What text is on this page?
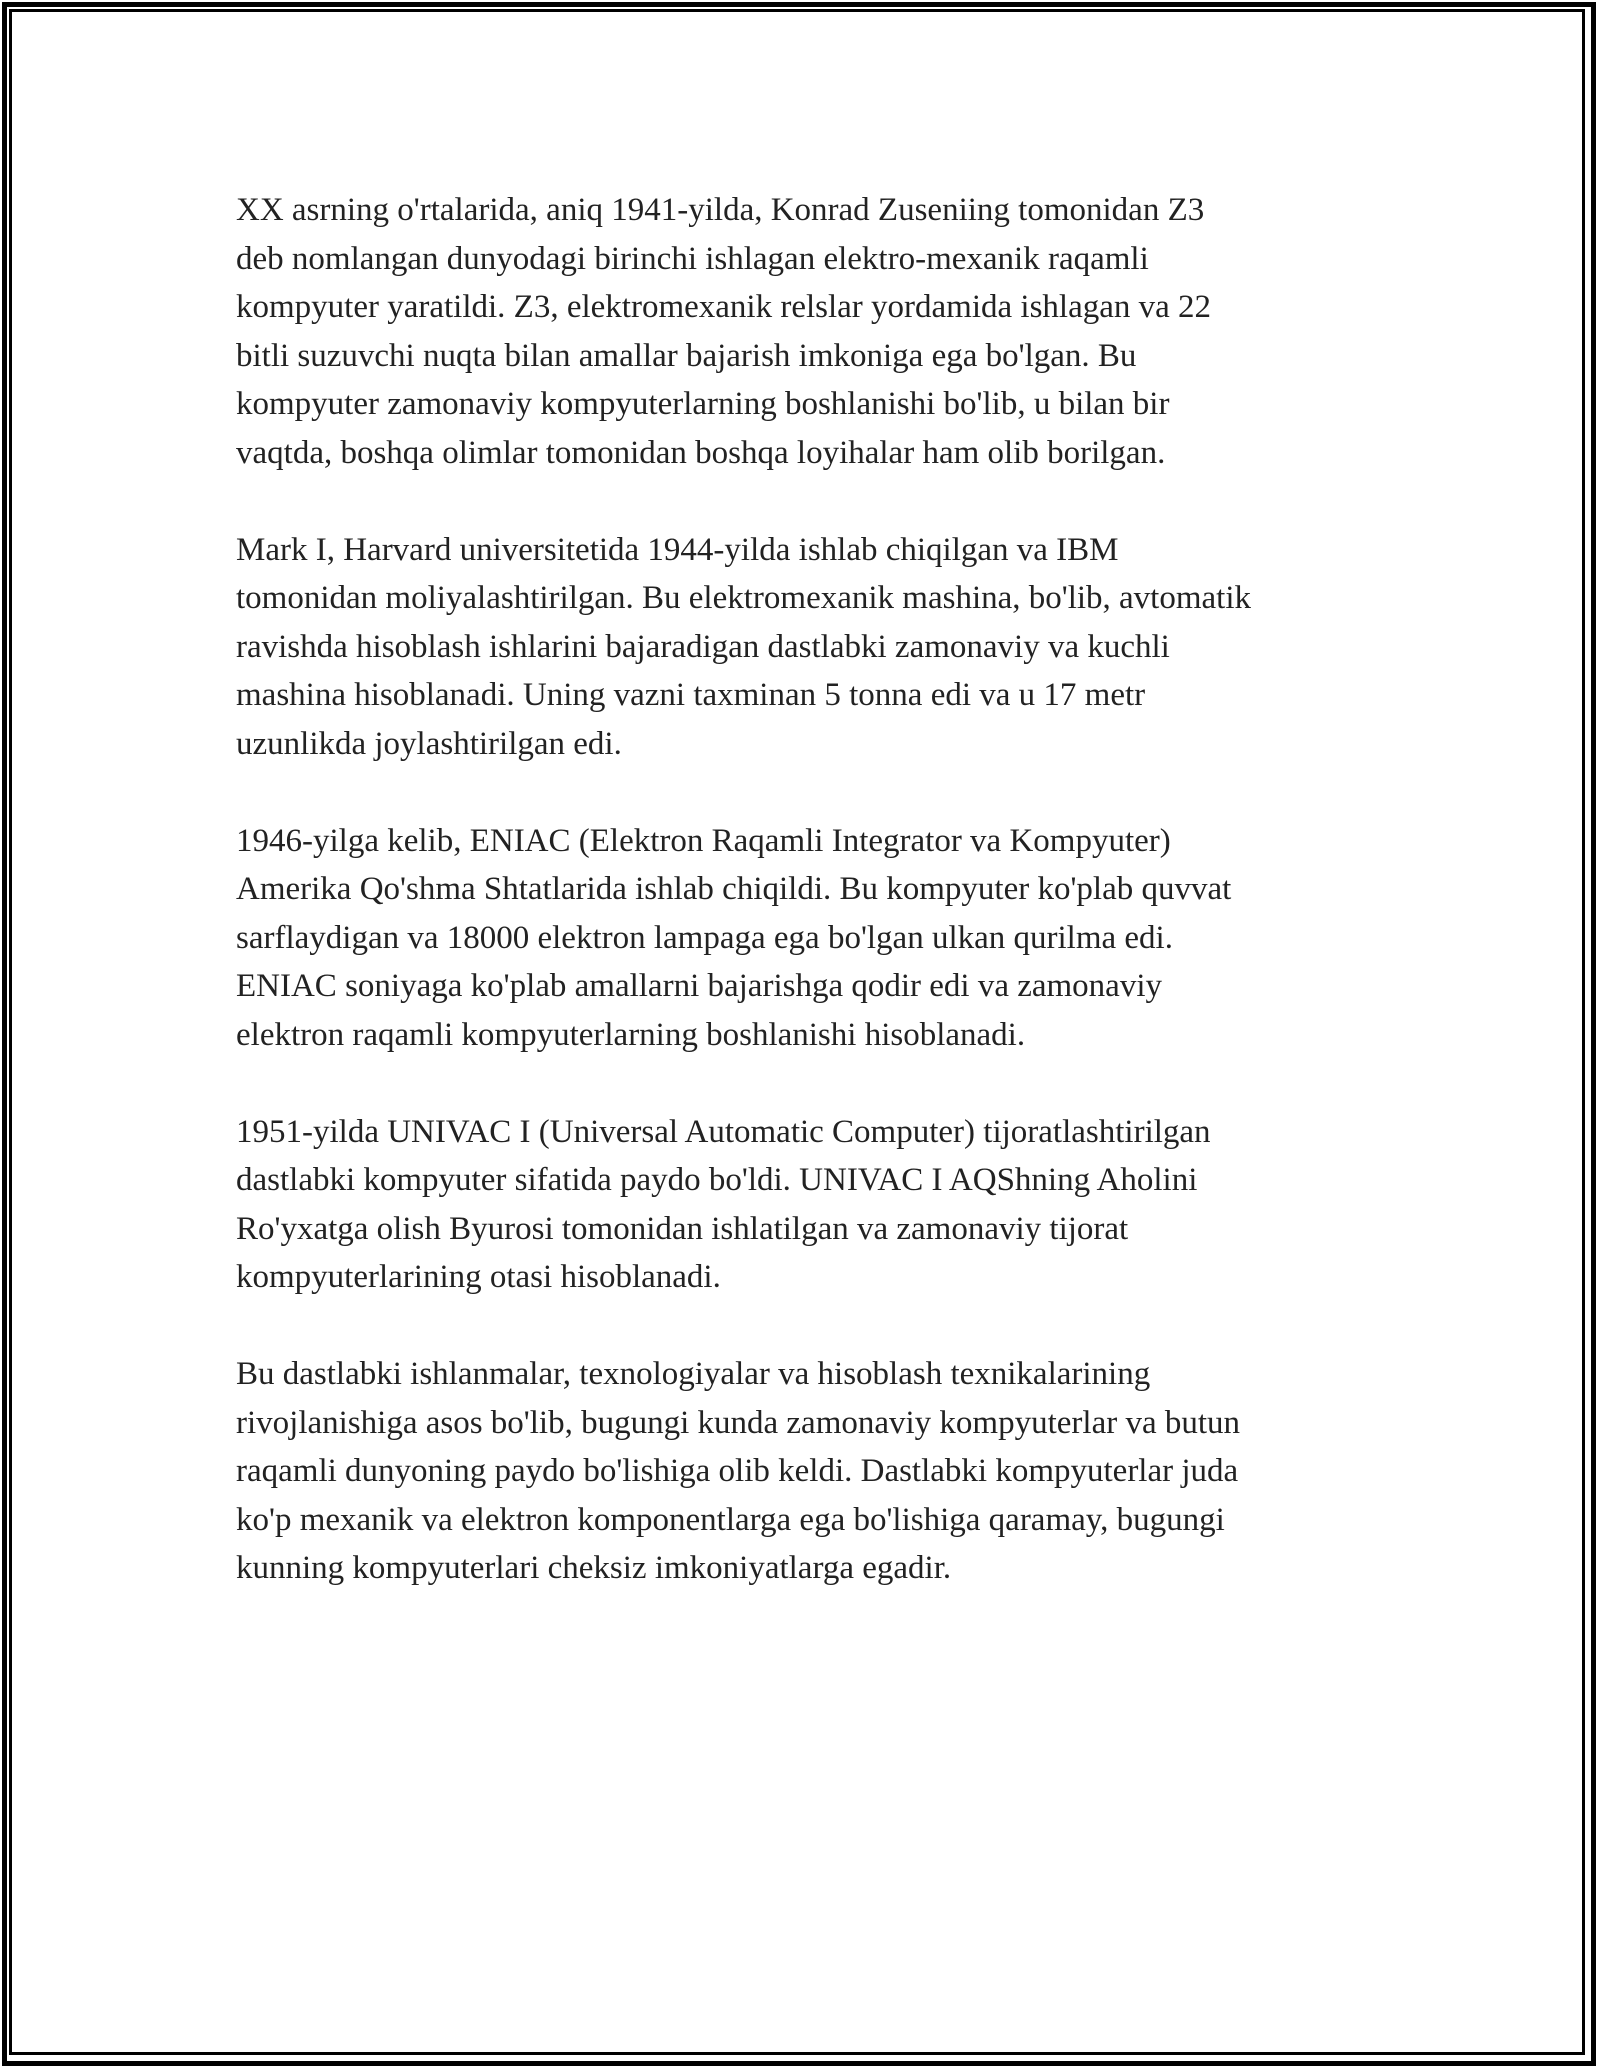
XX asrning o'rtalarida, aniq 1941-yilda, Konrad Zuseniing tomonidan Z3
deb nomlangan dunyodagi birinchi ishlagan elektro-mexanik raqamli
kompyuter yaratildi. Z3, elektromexanik relslar yordamida ishlagan va 22
bitli suzuvchi nuqta bilan amallar bajarish imkoniga ega bo'lgan. Bu
kompyuter zamonaviy kompyuterlarning boshlanishi bo'lib, u bilan bir
vaqtda, boshqa olimlar tomonidan boshqa loyihalar ham olib borilgan.

Mark I, Harvard universitetida 1944-yilda ishlab chiqilgan va IBM
tomonidan moliyalashtirilgan. Bu elektromexanik mashina, bo'lib, avtomatik
ravishda hisoblash ishlarini bajaradigan dastlabki zamonaviy va kuchli
mashina hisoblanadi. Uning vazni taxminan 5 tonna edi va u 17 metr
uzunlikda joylashtirilgan edi.

1946-yilga kelib, ENIAC (Elektron Raqamli Integrator va Kompyuter)
Amerika Qo'shma Shtatlarida ishlab chiqildi. Bu kompyuter ko'plab quvvat
sarflaydigan va 18000 elektron lampaga ega bo'lgan ulkan qurilma edi.
ENIAC soniyaga ko'plab amallarni bajarishga qodir edi va zamonaviy
elektron raqamli kompyuterlarning boshlanishi hisoblanadi.

1951-yilda UNIVAC I (Universal Automatic Computer) tijoratlashtirilgan
dastlabki kompyuter sifatida paydo bo'ldi. UNIVAC I AQShning Aholini
Ro'yxatga olish Byurosi tomonidan ishlatilgan va zamonaviy tijorat
kompyuterlarining otasi hisoblanadi.

Bu dastlabki ishlanmalar, texnologiyalar va hisoblash texnikalarining
rivojlanishiga asos bo'lib, bugungi kunda zamonaviy kompyuterlar va butun
raqamli dunyoning paydo bo'lishiga olib keldi. Dastlabki kompyuterlar juda
ko'p mexanik va elektron komponentlarga ega bo'lishiga qaramay, bugungi
kunning kompyuterlari cheksiz imkoniyatlarga egadir.
